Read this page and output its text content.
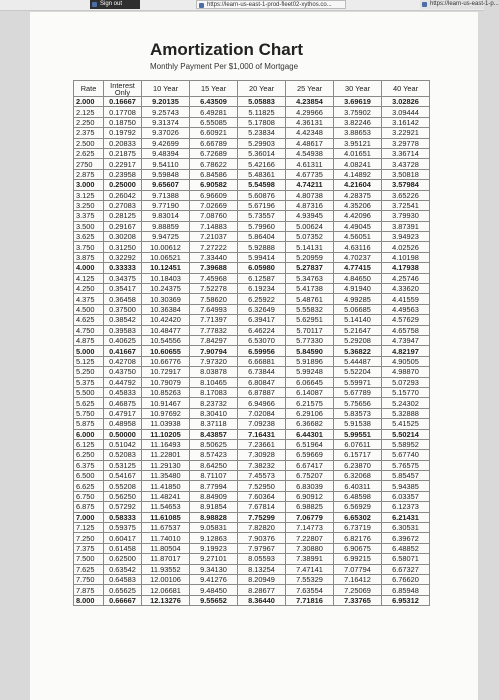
Sign out	https://learn-us-east-1-prod-fleet02-xythos.co...	https://learn-us-east-1-p...
Amortization Chart
Monthly Payment Per $1,000 of Mortgage
Rate	Interest Only	10 Year	15 Year	20 Year	25 Year	30 Year	40 Year
2.000	0.16667	9.20135	6.43509	5.05883	4.23854	3.69619	3.02826
2.125	0.17708	9.25743	6.49281	5.11825	4.29966	3.75902	3.09444
2.250	0.18750	9.31374	6.55085	5.17808	4.36131	3.82246	3.16142
2.375	0.19792	9.37026	6.60921	5.23834	4.42348	3.88653	3.22921
2.500	0.20833	9.42699	6.66789	5.29903	4.48617	3.95121	3.29778
2.625	0.21875	9.48394	6.72689	5.36014	4.54938	4.01651	3.36714
2750	0.22917	9.54110	6.78622	5.42166	4.61311	4.08241	3.43728
2.875	0.23958	9.59848	6.84586	5.48361	4.67735	4.14892	3.50818
3.000	0.25000	9.65607	6.90582	5.54598	4.74211	4.21604	3.57984
3.125	0.26042	9.71388	6.96609	5.60876	4.80738	4.28375	3.65226
3.250	0.27083	9.77190	7.02669	5.67196	4.87316	4.35206	3.72541
3.375	0.28125	9.83014	7.08760	5.73557	4.93945	4.42096	3.79930
3.500	0.29167	9.88859	7.14883	5.79960	5.00624	4.49045	3.87391
3.625	0.30208	9.94725	7.21037	5.86404	5.07352	4.56051	3.94923
3.750	0.31250	10.00612	7.27222	5.92888	5.14131	4.63116	4.02526
3.875	0.32292	10.06521	7.33440	5.99414	5.20959	4.70237	4.10198
4.000	0.33333	10.12451	7.39688	6.05980	5.27837	4.77415	4.17938
4.125	0.34375	10.18403	7.45968	6.12587	5.34763	4.84650	4.25746
4.250	0.35417	10.24375	7.52278	6.19234	5.41738	4.91940	4.33620
4.375	0.36458	10.30369	7.58620	6.25922	5.48761	4.99285	4.41559
4.500	0.37500	10.36384	7.64993	6.32649	5.55832	5.06685	4.49563
4.625	0.38542	10.42420	7.71397	6.39417	5.62951	5.14140	4.57629
4.750	0.39583	10.48477	7.77832	6.46224	5.70117	5.21647	4.65758
4.875	0.40625	10.54556	7.84297	6.53070	5.77330	5.29208	4.73947
5.000	0.41667	10.60655	7.90794	6.59956	5.84590	5.36822	4.82197
5.125	0.42708	10.66776	7.97320	6.66881	5.91896	5.44487	4.90505
5.250	0.43750	10.72917	8.03878	6.73844	5.99248	5.52204	4.98870
5.375	0.44792	10.79079	8.10465	6.80847	6.06645	5.59971	5.07293
5.500	0.45833	10.85263	8.17083	6.87887	6.14087	5.67789	5.15770
5.625	0.46875	10.91467	8.23732	6.94966	6.21575	5.75656	5.24302
5.750	0.47917	10.97692	8.30410	7.02084	6.29106	5.83573	5.32888
5.875	0.48958	11.03938	8.37118	7.09238	6.36682	5.91538	5.41525
6.000	0.50000	11.10205	8.43857	7.16431	6.44301	5.99551	5.50214
6.125	0.51042	11.16493	8.50625	7.23661	6.51964	6.07611	5.58952
6.250	0.52083	11.22801	8.57423	7.30928	6.59669	6.15717	5.67740
6.375	0.53125	11.29130	8.64250	7.38232	6.67417	6.23870	5.76575
6.500	0.54167	11.35480	8.71107	7.45573	6.75207	6.32068	5.85457
6.625	0.55208	11.41850	8.77994	7.52950	6.83039	6.40311	5.94385
6.750	0.56250	11.48241	8.84909	7.60364	6.90912	6.48598	6.03357
6.875	0.57292	11.54653	8.91854	7.67814	6.98825	6.56929	6.12373
7.000	0.58333	11.61085	8.98828	7.75299	7.06779	6.65302	6.21431
7.125	0.59375	11.67537	9.05831	7.82820	7.14773	6.73719	6.30531
7.250	0.60417	11.74010	9.12863	7.90376	7.22807	6.82176	6.39672
7.375	0.61458	11.80504	9.19923	7.97967	7.30880	6.90675	6.48852
7.500	0.62500	11.87017	9.27101	8.05593	7.38991	6.99215	6.58071
7.625	0.63542	11.93552	9.34130	8.13254	7.47141	7.07794	6.67327
7.750	0.64583	12.00106	9.41276	8.20949	7.55329	7.16412	6.76620
7.875	0.65625	12.06681	9.48450	8.28677	7.63554	7.25069	6.85948
8.000	0.66667	12.13276	9.55652	8.36440	7.71816	7.33765	6.95312
